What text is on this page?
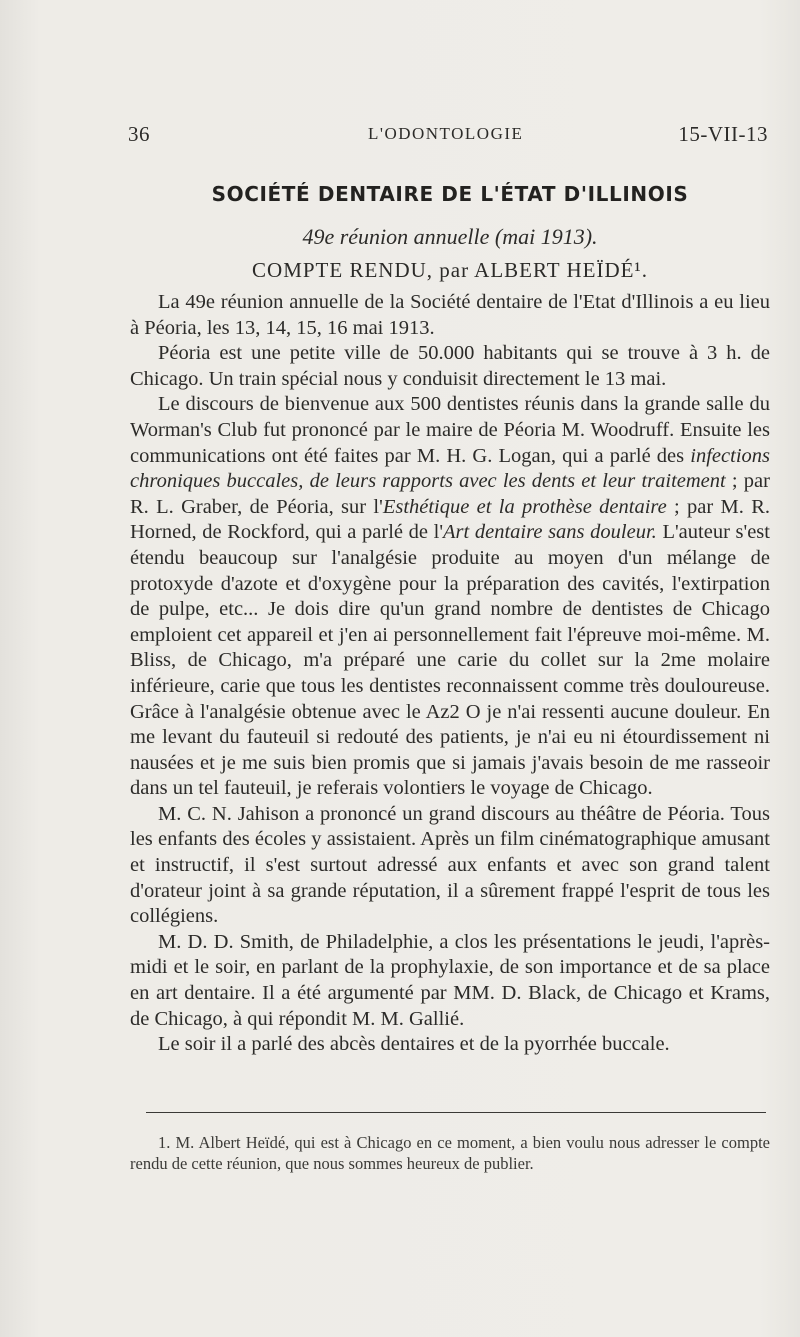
36	L'ODONTOLOGIE	15-VII-13
SOCIÉTÉ DENTAIRE DE L'ÉTAT D'ILLINOIS
49e réunion annuelle (mai 1913).
COMPTE RENDU, par ALBERT HEÏDÉ¹.

La 49e réunion annuelle de la Société dentaire de l'Etat d'Illinois a eu lieu à Péoria, les 13, 14, 15, 16 mai 1913.

Péoria est une petite ville de 50.000 habitants qui se trouve à 3 h. de Chicago. Un train spécial nous y conduisit directement le 13 mai.

Le discours de bienvenue aux 500 dentistes réunis dans la grande salle du Worman's Club fut prononcé par le maire de Péoria M. Woodruff. Ensuite les communications ont été faites par M. H. G. Logan, qui a parlé des infections chroniques buccales, de leurs rapports avec les dents et leur traitement ; par R. L. Graber, de Péoria, sur l'Esthétique et la prothèse dentaire ; par M. R. Horned, de Rockford, qui a parlé de l'Art dentaire sans douleur. L'auteur s'est étendu beaucoup sur l'analgésie produite au moyen d'un mélange de protoxyde d'azote et d'oxygène pour la préparation des cavités, l'extirpation de pulpe, etc... Je dois dire qu'un grand nombre de dentistes de Chicago emploient cet appareil et j'en ai personnellement fait l'épreuve moi-même. M. Bliss, de Chicago, m'a préparé une carie du collet sur la 2me molaire inférieure, carie que tous les dentistes reconnaissent comme très douloureuse. Grâce à l'analgésie obtenue avec le Az2 O je n'ai ressenti aucune douleur. En me levant du fauteuil si redouté des patients, je n'ai eu ni étourdissement ni nausées et je me suis bien promis que si jamais j'avais besoin de me rasseoir dans un tel fauteuil, je referais volontiers le voyage de Chicago.

M. C. N. Jahison a prononcé un grand discours au théâtre de Péoria. Tous les enfants des écoles y assistaient. Après un film cinématographique amusant et instructif, il s'est surtout adressé aux enfants et avec son grand talent d'orateur joint à sa grande réputation, il a sûrement frappé l'esprit de tous les collégiens.

M. D. D. Smith, de Philadelphie, a clos les présentations le jeudi, l'après-midi et le soir, en parlant de la prophylaxie, de son importance et de sa place en art dentaire. Il a été argumenté par MM. D. Black, de Chicago et Krams, de Chicago, à qui répondit M. M. Gallié.

Le soir il a parlé des abcès dentaires et de la pyorrhée buccale.

1. M. Albert Heïdé, qui est à Chicago en ce moment, a bien voulu nous adresser le compte rendu de cette réunion, que nous sommes heureux de publier.
